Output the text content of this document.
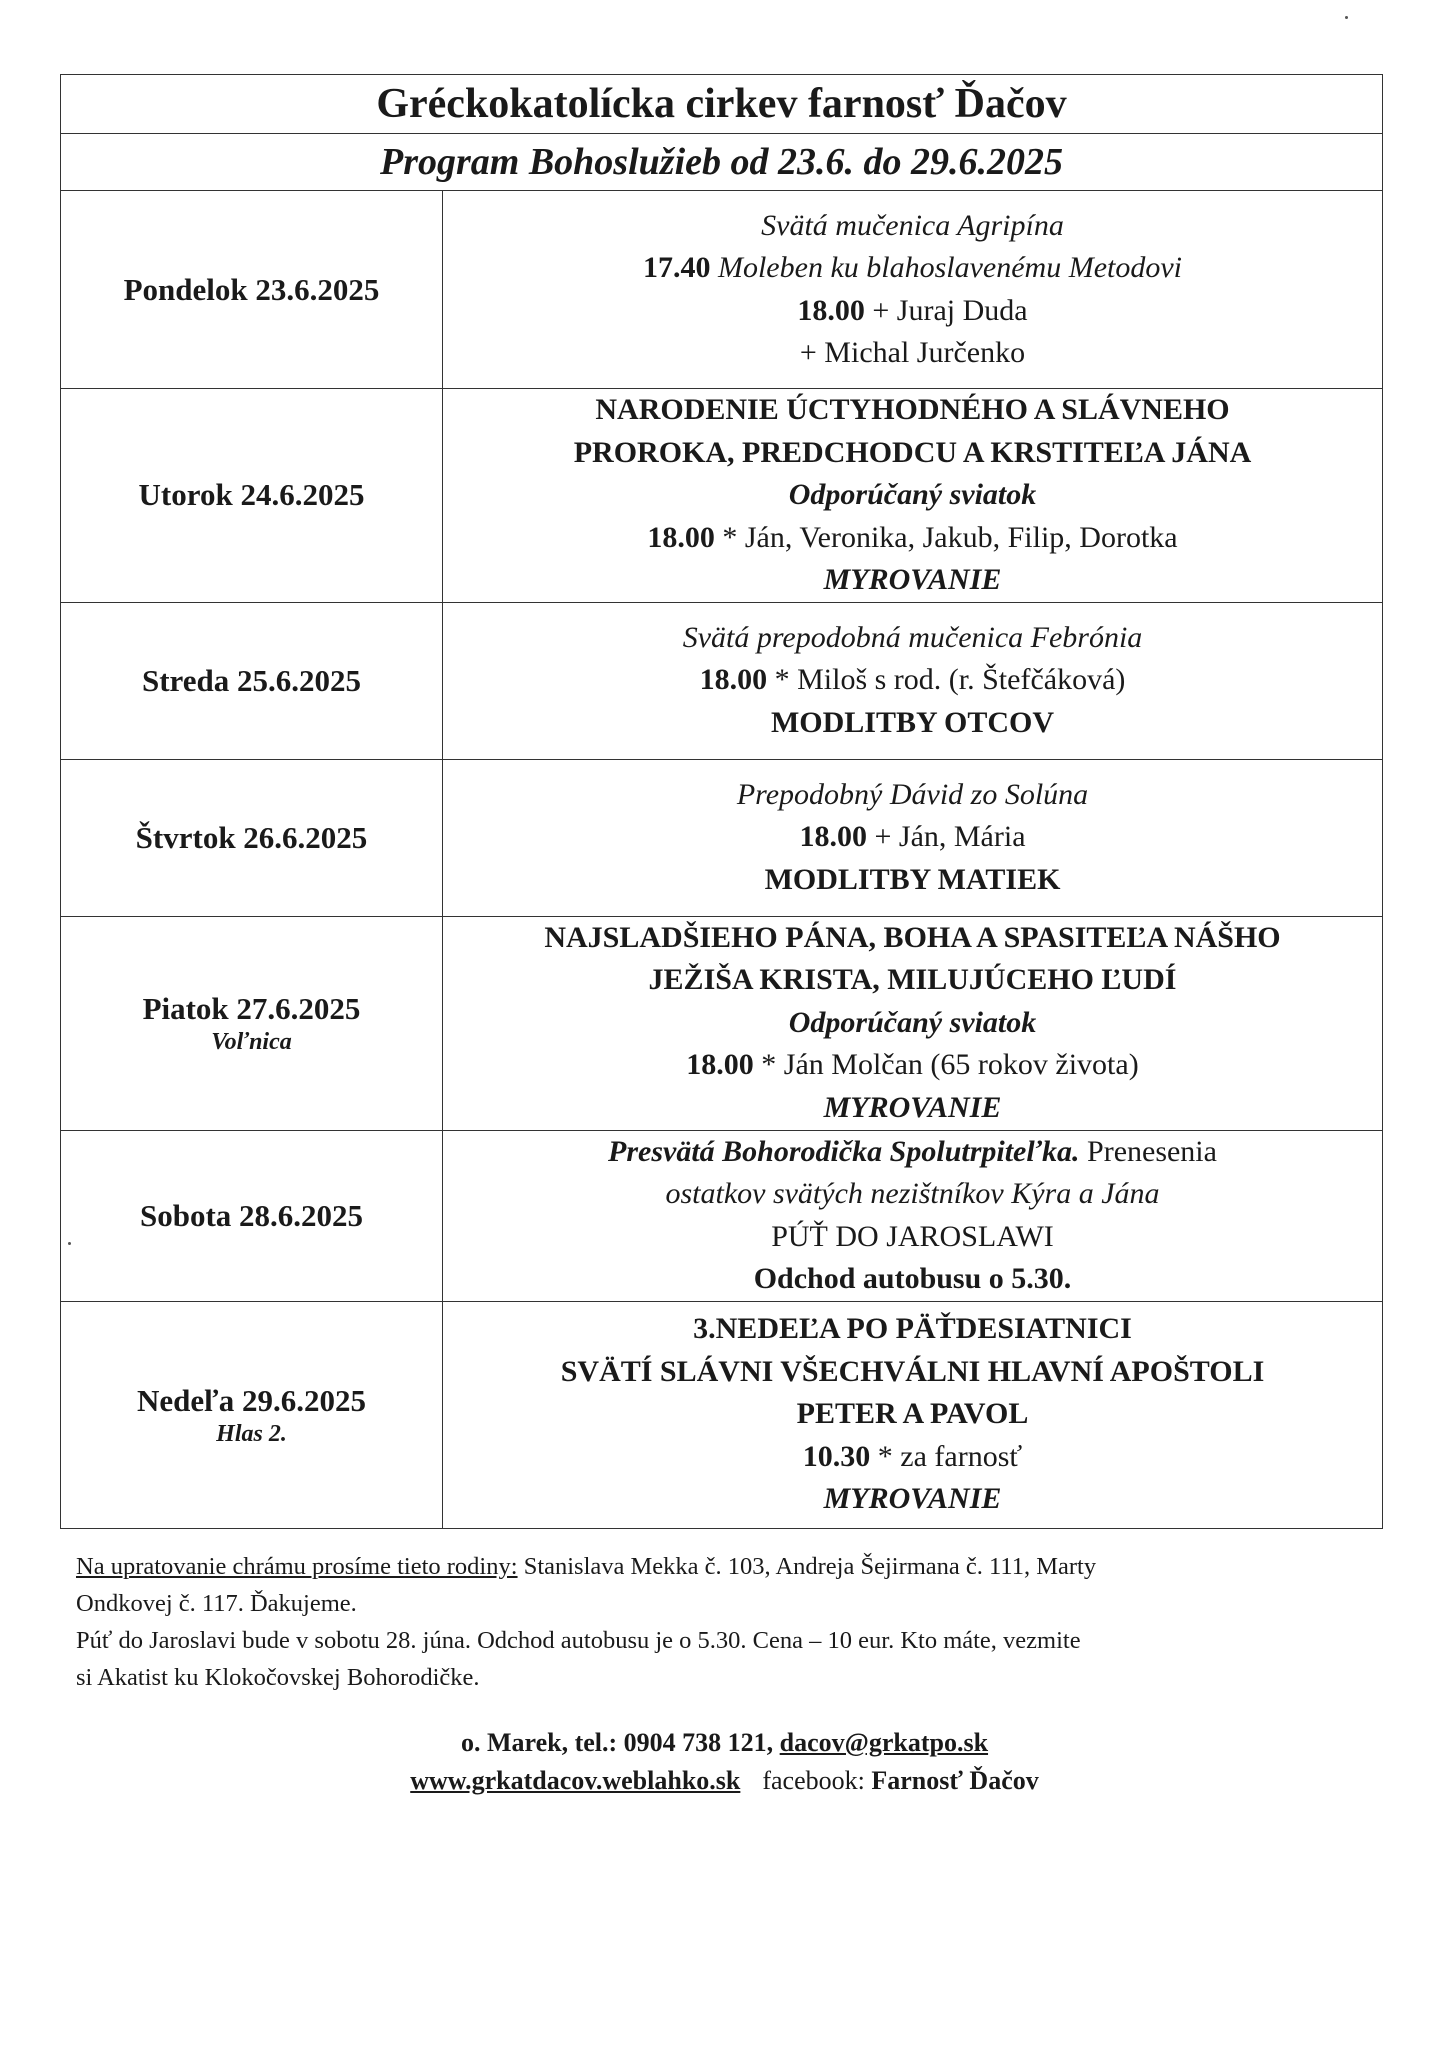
Gréckokatolícka cirkev farnosť Ďačov	
Program Bohoslužieb od 23.6. do 29.6.2025	
Pondelok 23.6.2025	Svätá mučenica Agripína
17.40 Moleben ku blahoslavenému Metodovi
18.00 + Juraj Duda
+ Michal Jurčenko

Utorok 24.6.2025	NARODENIE ÚCTYHODNÉHO A SLÁVNEHO
PROROKA, PREDCHODCU A KRSTITEĽA JÁNA
Odporúčaný sviatok
18.00 * Ján, Veronika, Jakub, Filip, Dorotka
MYROVANIE

Streda 25.6.2025	Svätá prepodobná mučenica Febrónia
18.00 * Miloš s rod. (r. Štefčáková)
MODLITBY OTCOV

Štvrtok 26.6.2025	Prepodobný Dávid zo Solúna
18.00 + Ján, Mária
MODLITBY MATIEK

Piatok 27.6.2025
Voľnica	NAJSLADŠIEHO PÁNA, BOHA A SPASITEĽA NÁŠHO
JEŽIŠA KRISTA, MILUJÚCEHO ĽUDÍ
Odporúčaný sviatok
18.00 * Ján Molčan (65 rokov života)
MYROVANIE

Sobota 28.6.2025	Presvätá Bohorodička Spolutrpiteľka. Prenesenia
ostatkov svätých nezištníkov Kýra a Jána
PÚŤ DO JAROSLAWI
Odchod autobusu o 5.30.

Nedeľa 29.6.2025
Hlas 2.	3.NEDEĽA PO PÄŤDESIATNICI
SVÄTÍ SLÁVNI VŠECHVÁLNI HLAVNÍ APOŠTOLI
PETER A PAVOL
10.30 * za farnosť
MYROVANIE
Na upratovanie chrámu prosíme tieto rodiny: Stanislava Mekka č. 103, Andreja Šejirmana č. 111, Marty
Ondkovej č. 117. Ďakujeme.
Púť do Jaroslavi bude v sobotu 28. júna. Odchod autobusu je o 5.30. Cena – 10 eur. Kto máte, vezmite
si Akatist ku Klokočovskej Bohorodičke.
o. Marek, tel.: 0904 738 121, dacov@grkatpo.sk
www.grkatdacov.weblahko.sk facebook: Farnosť Ďačov
